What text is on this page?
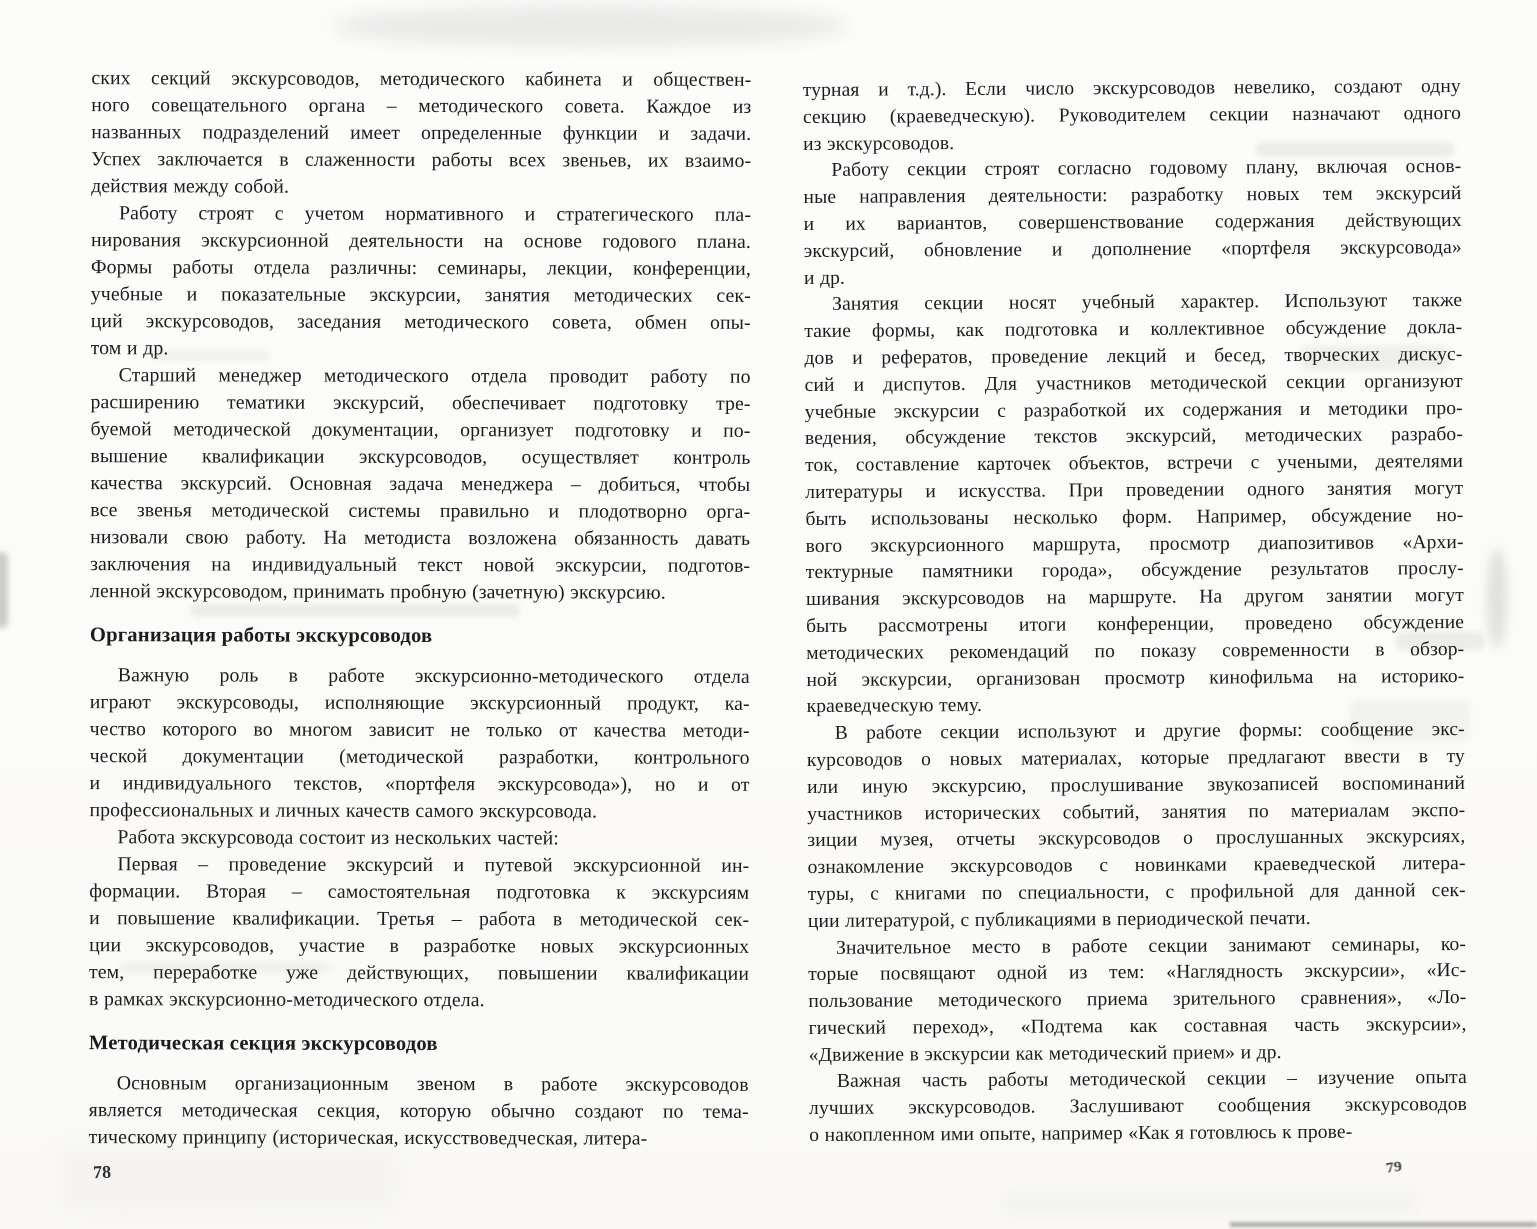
ских секций экскурсоводов, методического кабинета и обществен-
ного совещательного органа – методического совета. Каждое из
названных подразделений имеет определенные функции и задачи.
Успех заключается в слаженности работы всех звеньев, их взаимо-
действия между собой.
Работу строят с учетом нормативного и стратегического пла-
нирования экскурсионной деятельности на основе годового плана.
Формы работы отдела различны: семинары, лекции, конференции,
учебные и показательные экскурсии, занятия методических сек-
ций экскурсоводов, заседания методического совета, обмен опы-
том и др.
Старший менеджер методического отдела проводит работу по
расширению тематики экскурсий, обеспечивает подготовку тре-
буемой методической документации, организует подготовку и по-
вышение квалификации экскурсоводов, осуществляет контроль
качества экскурсий. Основная задача менеджера – добиться, чтобы
все звенья методической системы правильно и плодотворно орга-
низовали свою работу. На методиста возложена обязанность давать
заключения на индивидуальный текст новой экскурсии, подготов-
ленной экскурсоводом, принимать пробную (зачетную) экскурсию.
Организация работы экскурсоводов
Важную роль в работе экскурсионно-методического отдела
играют экскурсоводы, исполняющие экскурсионный продукт, ка-
чество которого во многом зависит не только от качества методи-
ческой документации (методической разработки, контрольного
и индивидуального текстов, «портфеля экскурсовода»), но и от
профессиональных и личных качеств самого экскурсовода.
Работа экскурсовода состоит из нескольких частей:
Первая – проведение экскурсий и путевой экскурсионной ин-
формации. Вторая – самостоятельная подготовка к экскурсиям
и повышение квалификации. Третья – работа в методической сек-
ции экскурсоводов, участие в разработке новых экскурсионных
тем, переработке уже действующих, повышении квалификации
в рамках экскурсионно-методического отдела.
Методическая секция экскурсоводов
Основным организационным звеном в работе экскурсоводов
является методическая секция, которую обычно создают по тема-
тическому принципу (историческая, искусствоведческая, литера-
турная и т.д.). Если число экскурсоводов невелико, создают одну
секцию (краеведческую). Руководителем секции назначают одного
из экскурсоводов.
Работу секции строят согласно годовому плану, включая основ-
ные направления деятельности: разработку новых тем экскурсий
и их вариантов, совершенствование содержания действующих
экскурсий, обновление и дополнение «портфеля экскурсовода»
и др.
Занятия секции носят учебный характер. Используют также
такие формы, как подготовка и коллективное обсуждение докла-
дов и рефератов, проведение лекций и бесед, творческих дискус-
сий и диспутов. Для участников методической секции организуют
учебные экскурсии с разработкой их содержания и методики про-
ведения, обсуждение текстов экскурсий, методических разрабо-
ток, составление карточек объектов, встречи с учеными, деятелями
литературы и искусства. При проведении одного занятия могут
быть использованы несколько форм. Например, обсуждение но-
вого экскурсионного маршрута, просмотр диапозитивов «Архи-
тектурные памятники города», обсуждение результатов прослу-
шивания экскурсоводов на маршруте. На другом занятии могут
быть рассмотрены итоги конференции, проведено обсуждение
методических рекомендаций по показу современности в обзор-
ной экскурсии, организован просмотр кинофильма на историко-
краеведческую тему.
В работе секции используют и другие формы: сообщение экс-
курсоводов о новых материалах, которые предлагают ввести в ту
или иную экскурсию, прослушивание звукозаписей воспоминаний
участников исторических событий, занятия по материалам экспо-
зиции музея, отчеты экскурсоводов о прослушанных экскурсиях,
ознакомление экскурсоводов с новинками краеведческой литера-
туры, с книгами по специальности, с профильной для данной сек-
ции литературой, с публикациями в периодической печати.
Значительное место в работе секции занимают семинары, ко-
торые посвящают одной из тем: «Наглядность экскурсии», «Ис-
пользование методического приема зрительного сравнения», «Ло-
гический переход», «Подтема как составная часть экскурсии»,
«Движение в экскурсии как методический прием» и др.
Важная часть работы методической секции – изучение опыта
лучших экскурсоводов. Заслушивают сообщения экскурсоводов
о накопленном ими опыте, например «Как я готовлюсь к прове-
78	79
